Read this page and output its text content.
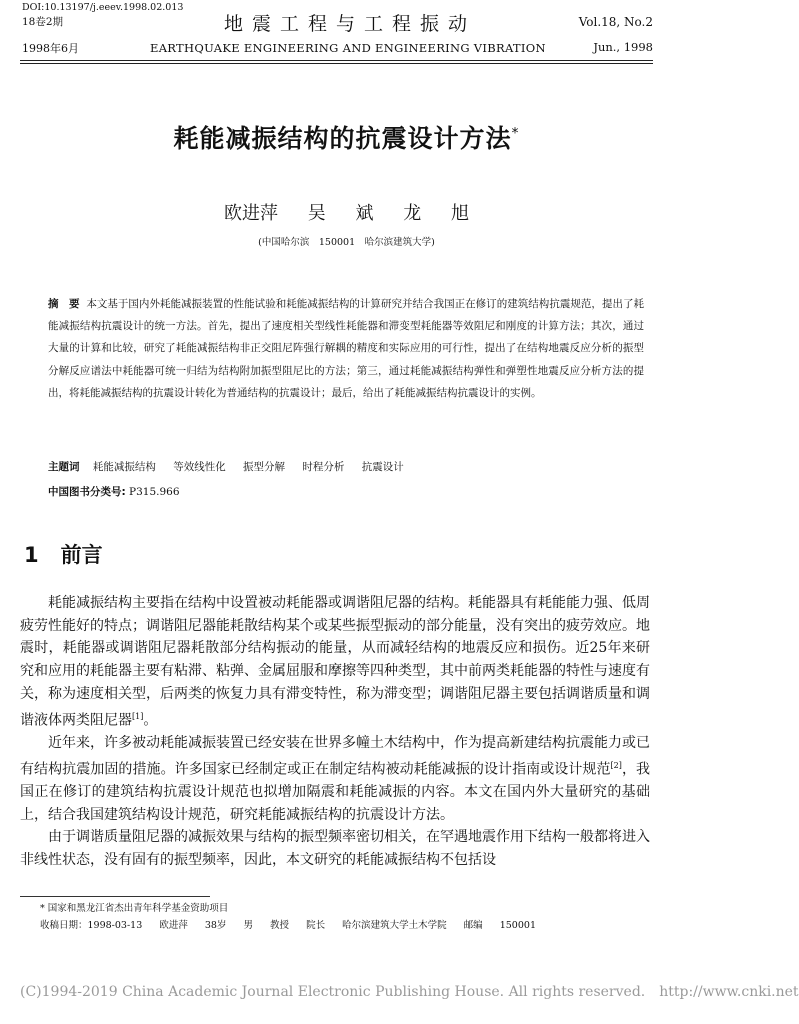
DOI:10.13197/j.eeev.1998.02.013
18卷2期	地震工程与工程振动	Vol.18, No.2
1998年6月	EARTHQUAKE ENGINEERING AND ENGINEERING VIBRATION	Jun., 1998
耗能减振结构的抗震设计方法*
欧进萍 吴 斌 龙 旭
(中国哈尔滨　150001　哈尔滨建筑大学)
摘　要 本文基于国内外耗能减振装置的性能试验和耗能减振结构的计算研究并结合我国正在修订的建筑结构抗震规范，提出了耗能减振结构抗震设计的统一方法。首先，提出了速度相关型线性耗能器和滞变型耗能器等效阻尼和刚度的计算方法；其次，通过大量的计算和比较，研究了耗能减振结构非正交阻尼阵强行解耦的精度和实际应用的可行性，提出了在结构地震反应分析的振型分解反应谱法中耗能器可统一归结为结构附加振型阻尼比的方法；第三，通过耗能减振结构弹性和弹塑性地震反应分析方法的提出，将耗能减振结构的抗震设计转化为普通结构的抗震设计；最后，给出了耗能减振结构抗震设计的实例。
主题词 耗能减振结构 等效线性化 振型分解 时程分析 抗震设计
中国图书分类号: P315.966
1 前言

耗能减振结构主要指在结构中设置被动耗能器或调谐阻尼器的结构。耗能器具有耗能能力强、低周疲劳性能好的特点；调谐阻尼器能耗散结构某个或某些振型振动的部分能量，没有突出的疲劳效应。地震时，耗能器或调谐阻尼器耗散部分结构振动的能量，从而减轻结构的地震反应和损伤。近25年来研究和应用的耗能器主要有粘滞、粘弹、金属屈服和摩擦等四种类型，其中前两类耗能器的特性与速度有关，称为速度相关型，后两类的恢复力具有滞变特性，称为滞变型；调谐阻尼器主要包括调谐质量和调谐液体两类阻尼器[1]。

近年来，许多被动耗能减振装置已经安装在世界多幢土木结构中，作为提高新建结构抗震能力或已有结构抗震加固的措施。许多国家已经制定或正在制定结构被动耗能减振的设计指南或设计规范[2]，我国正在修订的建筑结构抗震设计规范也拟增加隔震和耗能减振的内容。本文在国内外大量研究的基础上，结合我国建筑结构设计规范，研究耗能减振结构的抗震设计方法。

由于调谐质量阻尼器的减振效果与结构的振型频率密切相关，在罕遇地震作用下结构一般都将进入非线性状态，没有固有的振型频率，因此，本文研究的耗能减振结构不包括设

* 国家和黑龙江省杰出青年科学基金资助项目
收稿日期：1998-03-13 欧进萍 38岁 男 教授 院长 哈尔滨建筑大学土木学院 邮编 150001
(C)1994-2019 China Academic Journal Electronic Publishing House. All rights reserved.　http://www.cnki.net
